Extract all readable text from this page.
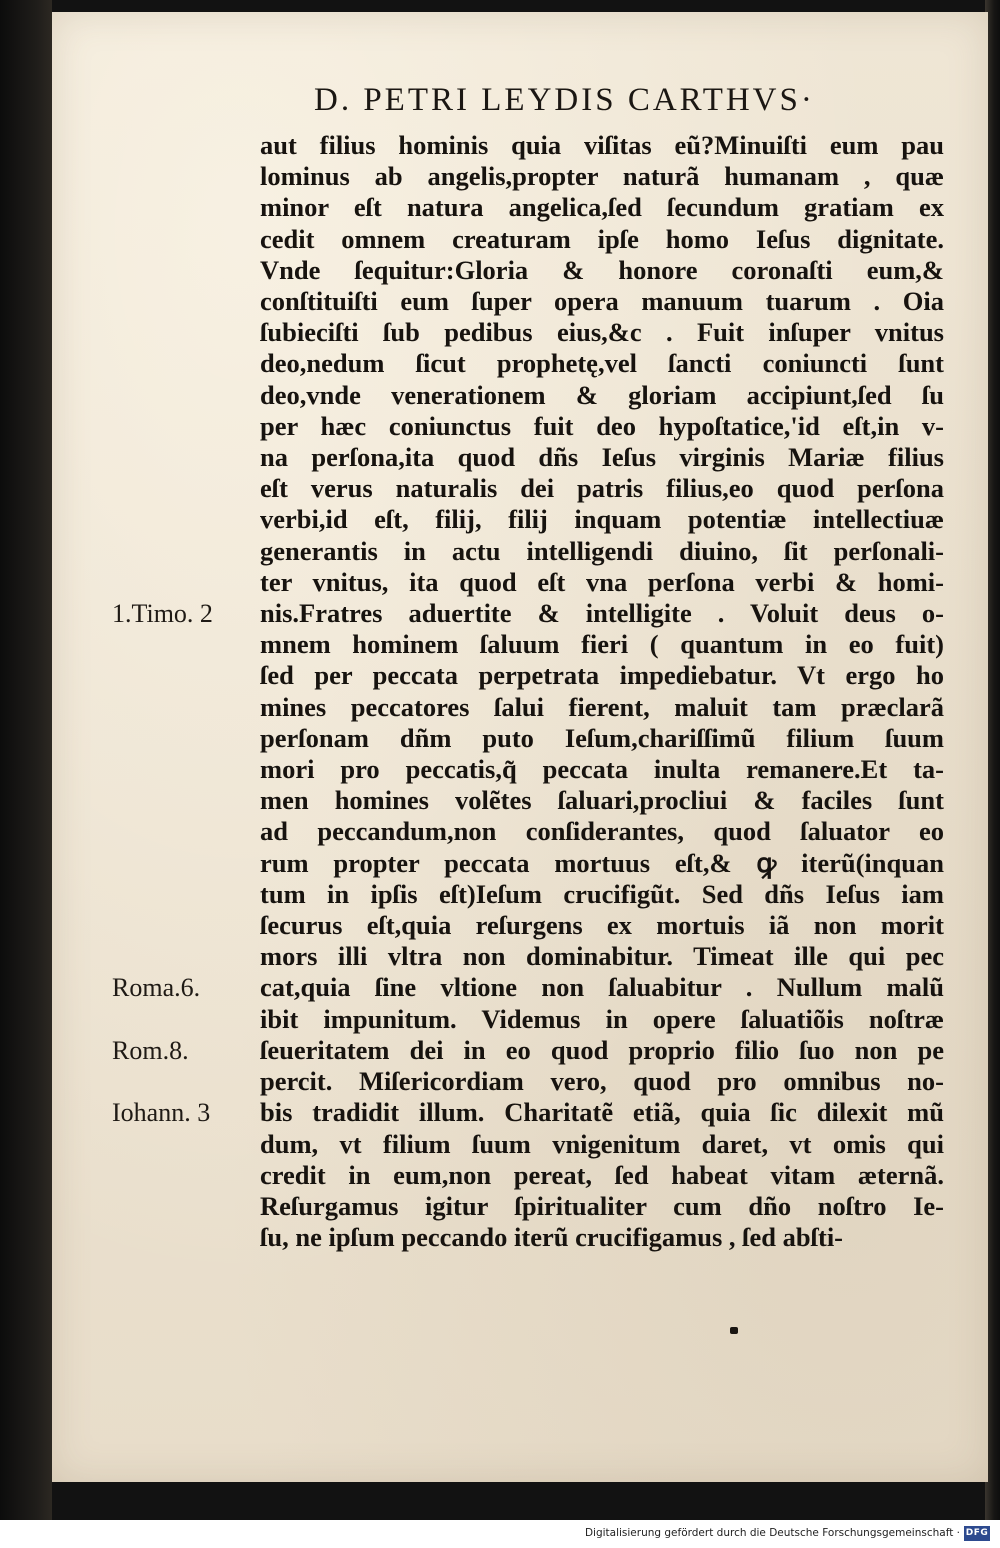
D. PETRI LEYDIS CARTHVS·
aut filius hominis quia viſitas eũ?Minuiſti eum pau
lominus ab angelis,propter naturã humanam , quæ
minor eſt natura angelica,ſed ſecundum gratiam ex
cedit omnem creaturam ipſe homo Ieſus dignitate.
Vnde ſequitur:Gloria & honore coronaſti eum,&
conſtituiſti eum ſuper opera manuum tuarum . Oia
ſubieciſti ſub pedibus eius,&c . Fuit inſuper vnitus
deo,nedum ſicut prophetę,vel ſancti coniuncti ſunt
deo,vnde venerationem & gloriam accipiunt,ſed ſu
per hæc coniunctus fuit deo hypoſtatice,'id eſt,in v-
na perſona,ita quod dñs Ieſus virginis Mariæ filius
eſt verus naturalis dei patris filius,eo quod perſona
verbi,id eſt, filij, filij inquam potentiæ intellectiuæ
generantis in actu intelligendi diuino, ſit perſonali-
ter vnitus, ita quod eſt vna perſona verbi & homi-
nis.Fratres aduertite & intelligite . Voluit deus o-
mnem hominem ſaluum fieri ( quantum in eo fuit)
ſed per peccata perpetrata impediebatur. Vt ergo ho
mines peccatores ſalui fierent, maluit tam præclarã
perſonam dñm puto Ieſum,chariſſimũ filium ſuum
mori pro peccatis,q̃ peccata inulta remanere.Et ta-
men homines volẽtes ſaluari,procliui & faciles ſunt
ad peccandum,non conſiderantes, quod ſaluator eo
rum propter peccata mortuus eſt,& ꝙ iterũ(inquan
tum in ipſis eſt)Ieſum crucifigũt. Sed dñs Ieſus iam
ſecurus eſt,quia reſurgens ex mortuis iã non morit
mors illi vltra non dominabitur. Timeat ille qui pec
cat,quia ſine vltione non ſaluabitur . Nullum malũ
ibit impunitum. Videmus in opere ſaluatiõis noſtræ
ſeueritatem dei in eo quod proprio filio ſuo non pe
percit. Miſericordiam vero, quod pro omnibus no-
bis tradidit illum. Charitatẽ etiã, quia ſic dilexit mũ
dum, vt filium ſuum vnigenitum daret, vt omis qui
credit in eum,non pereat, ſed habeat vitam æternã.
Reſurgamus igitur ſpiritualiter cum dño noſtro Ie-
ſu, ne ipſum peccando iterũ crucifigamus , ſed abſti-
1.Timo. 2
Roma.6.
Rom.8.
Iohann. 3
Digitalisierung gefördert durch die Deutsche Forschungsgemeinschaft · DFG
